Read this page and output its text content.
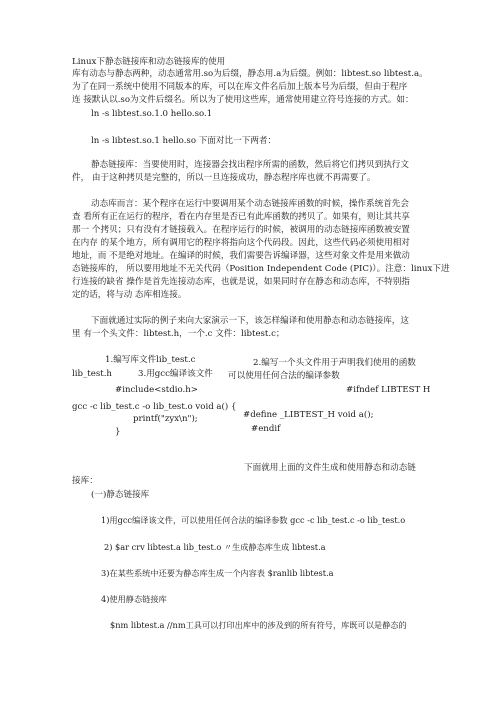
Linux下静态链接库和动态链接库的使用
库有动态与静态两种，动态通常用.so为后缀，静态用.a为后缀。例如：libtest.so libtest.a。
为了在同一系统中使用不同版本的库，可以在库文件名后加上版本号为后缀，但由于程序
连 接默认以.so为文件后缀名。所以为了使用这些库，通常使用建立符号连接的方式。如：
ln -s libtest.so.1.0 hello.so.1
ln -s libtest.so.1 hello.so 下面对比一下两者：
静态链接库：当要使用时，连接器会找出程序所需的函数，然后将它们拷贝到执行文
件， 由于这种拷贝是完整的，所以一旦连接成功，静态程序库也就不再需要了。
动态库而言：某个程序在运行中要调用某个动态链接库函数的时候，操作系统首先会
查 看所有正在运行的程序，看在内存里是否已有此库函数的拷贝了。如果有，则让其共享
那一 个拷贝；只有没有才链接载入。在程序运行的时候，被调用的动态链接库函数被安置
在内存 的某个地方，所有调用它的程序将指向这个代码段。因此，这些代码必须使用相对
地址，而 不是绝对地址。在编译的时候，我们需要告诉编译器，这些对象文件是用来做动
态链接库的， 所以要用地址不无关代码（Position Independent Code (PIC)）。注意：linux下进
行连接的缺省 操作是首先连接动态库，也就是说，如果同时存在静态和动态库，不特别指
定的话，将与动 态库相连接。
下面就通过实际的例子来向大家演示一下，该怎样编译和使用静态和动态链接库，这
里 有一个头文件：libtest.h，一个.c 文件：libtest.c；
1.编写库文件lib_test.c	2.编写一个头文件用于声明我们使用的函数
lib_test.h	3.用gcc编译该文件 可以使用任何合法的编译参数
#include<stdio.h>	#ifndef LIBTEST H
gcc -c lib_test.c -o lib_test.o void a() {
printf("zyx\n");	#define _LIBTEST_H void a();
#endif
}
下面就用上面的文件生成和使用静态和动态链
接库：
(一)静态链接库
1)用gcc编译该文件，可以使用任何合法的编译参数 gcc -c lib_test.c -o lib_test.o
2) $ar crv libtest.a lib_test.o 〃生成静态库生成 libtest.a
3)在某些系统中还要为静态库生成一个内容表 $ranlib libtest.a
4)使用静态链接库
$nm libtest.a //nm工具可以打印出库中的涉及到的所有符号，库既可以是静态的
